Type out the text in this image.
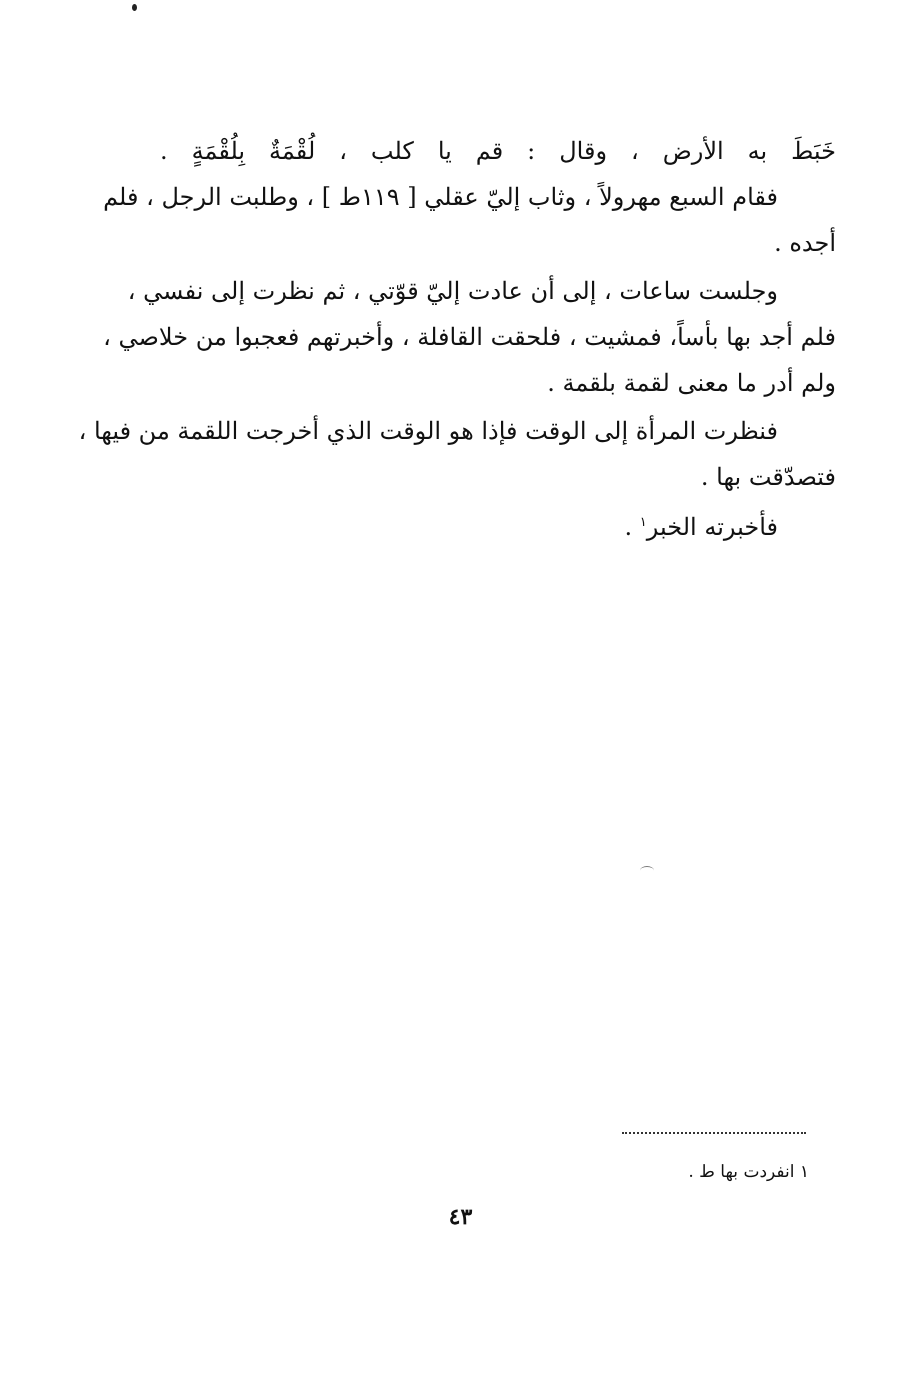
خَبَطَ به الأرض ، وقال : قم يا كلب ، لُقْمَةٌ بِلُقْمَةٍ .
فقام السبع مهرولاً ، وثاب إليّ عقلي [ ١١٩ط ] ، وطلبت الرجل ، فلم
أجده .
وجلست ساعات ، إلى أن عادت إليّ قوّتي ، ثم نظرت إلى نفسي ،
فلم أجد بها بأساً، فمشيت ، فلحقت القافلة ، وأخبرتهم فعجبوا من خلاصي ،
ولم أدر ما معنى لقمة بلقمة .
فنظرت المرأة إلى الوقت فإذا هو الوقت الذي أخرجت اللقمة من فيها ،
فتصدّقت بها .
فأخبرته الخبر$^١$ .
١ انفردت بها ط .
٤٣
